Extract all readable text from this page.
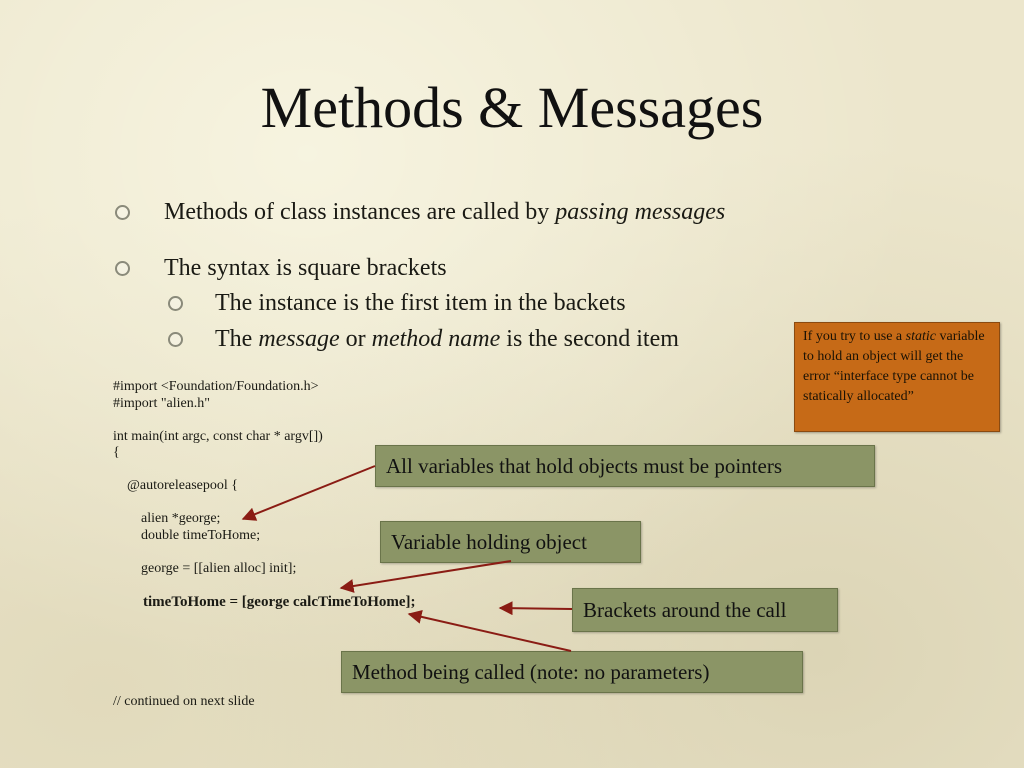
Methods & Messages
Methods of class instances are called by passing messages
The syntax is square brackets
The instance is the first item in the backets
The message or method name is the second item
#import <Foundation/Foundation.h>
#import "alien.h"

int main(int argc, const char * argv[])
{

@autoreleasepool {

alien *george;
double timeToHome;

george = [[alien alloc] init];

timeToHome = [george calcTimeToHome];

// continued on next slide
If you try to use a static variable to hold an object will get the error “interface type cannot be statically allocated”
All variables that hold objects must be pointers
Variable holding object
Brackets around the call
Method being called (note: no parameters)
